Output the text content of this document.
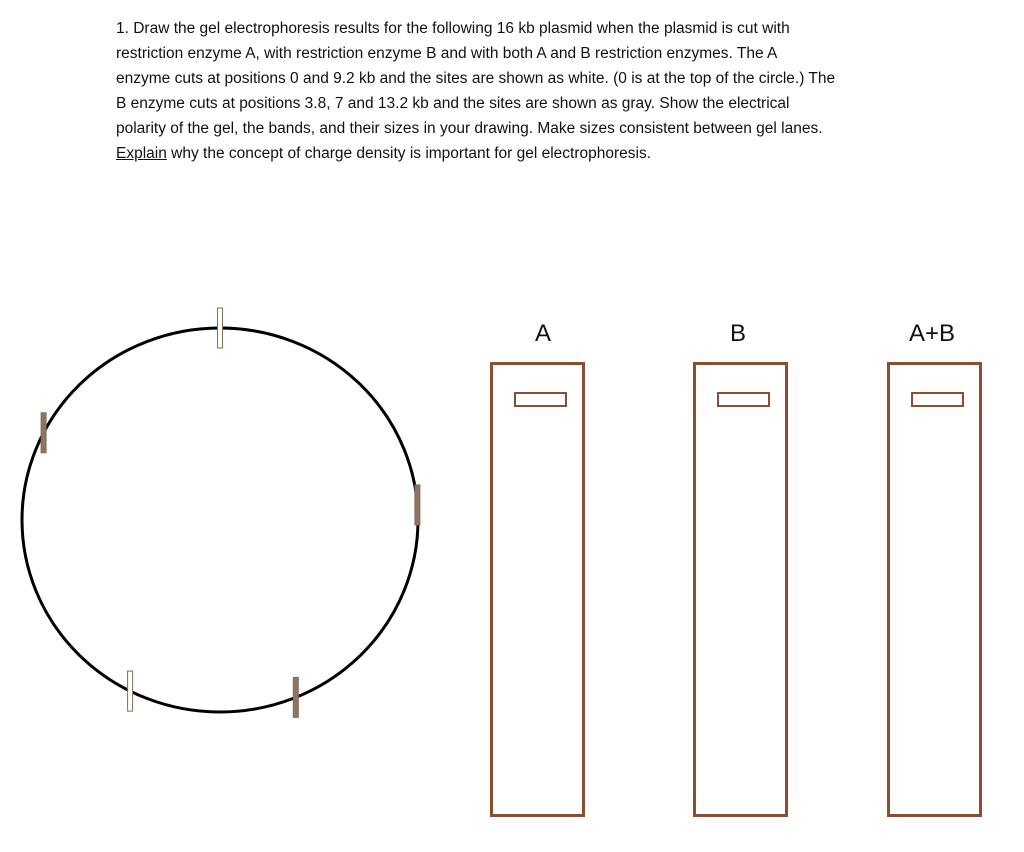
1. Draw the gel electrophoresis results for the following 16 kb plasmid when the plasmid is cut with
restriction enzyme A, with restriction enzyme B and with both A and B restriction enzymes. The A
enzyme cuts at positions 0 and 9.2 kb and the sites are shown as white. (0 is at the top of the circle.) The
B enzyme cuts at positions 3.8, 7 and 13.2 kb and the sites are shown as gray. Show the electrical
polarity of the gel, the bands, and their sizes in your drawing. Make sizes consistent between gel lanes.
Explain why the concept of charge density is important for gel electrophoresis.
A	B	A+B
